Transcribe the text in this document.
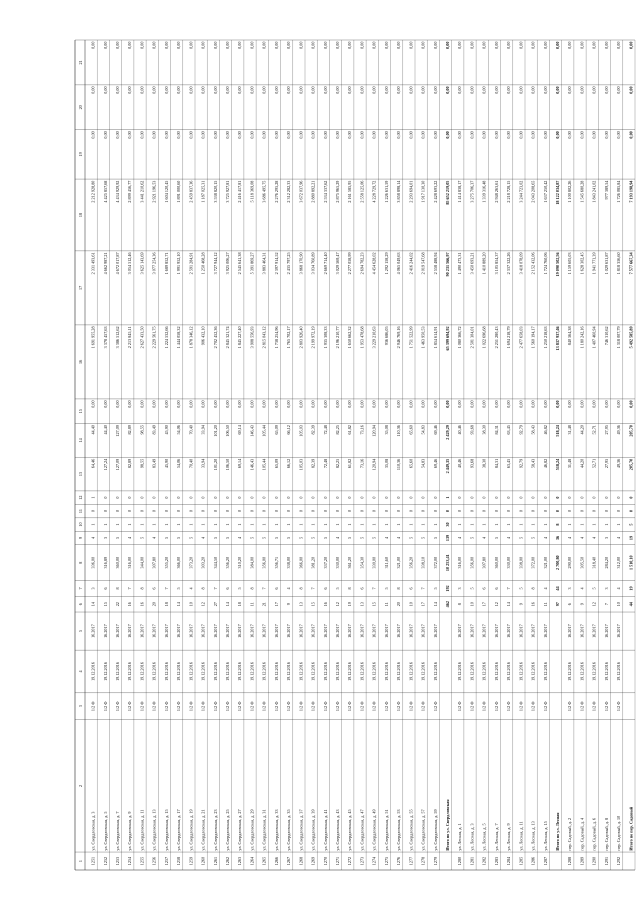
1
2
3
4
5
6
7
8
9
10
11
12
13
14
15
16
17
18
19
20
21
1251
ул. Свердловская, д. 3
1/2 Ф
19.12.2016
16.2017
14
3
336,00
4
1
0
1
64,46
44,40
0,00
1 691 955,28
2 331 493,61
2 212 928,80
0,00
0,00
0,00
1252
ул. Свердловская, д. 5
1/2 Ф
19.12.2016
16.2017
15
6
316,89
3
1
0
0
127,24
44,40
0,00
3 378 457,63
4 662 987,21
4 425 857,68
0,00
0,00
0,00
1253
ул. Свердловская, д. 7
1/2 Ф
19.12.2016
16.2017
22
8
360,00
5
1
0
0
127,09
127,09
0,00
3 386 512,62
4 672 017,87
4 434 929,92
0,00
0,00
0,00
1254
ул. Свердловская, д. 9
1/2 Ф
19.12.2016
16.2017
16
7
316,00
4
1
0
0
82,89
82,89
0,00
2 213 845,11
3 054 512,46
2 899 456,77
0,00
0,00
0,00
1255
ул. Свердловская, д. 11
1/2 Ф
19.12.2016
16.2017
16
8
344,00
5
1
0
0
98,55
98,55
0,00
2 627 433,50
3 625 143,69
3 441 210,62
0,00
0,00
0,00
1256
ул. Свердловская, д. 13
1/2 Ф
19.12.2016
16.2017
20
6
307,80
4
1
0
0
83,49
83,49
0,00
2 229 561,75
3 077 254,36
2 921 196,53
0,00
0,00
0,00
1257
ул. Свердловская, д. 15
1/2 Ф
19.12.2016
16.2017
18
7
355,20
5
1
0
0
45,90
45,90
0,00
1 224 532,66
1 689 852,71
1 604 120,45
0,00
0,00
0,00
1258
ул. Свердловская, д. 17
1/2 Ф
19.12.2016
16.2017
14
5
366,00
5
1
0
0
54,06
54,06
0,00
1 444 058,32
1 991 952,10
1 891 000,60
0,00
0,00
0,00
1259
ул. Свердловская, д. 19
1/2 Ф
19.12.2016
16.2017
10
4
373,20
5
1
0
0
70,40
70,40
0,00
1 878 346,12
2 591 284,91
2 459 837,36
0,00
0,00
0,00
1260
ул. Свердловская, д. 21
1/2 Ф
19.12.2016
16.2017
12
8
303,20
4
1
0
0
33,94
33,94
0,00
906 432,10
1 250 468,28
1 187 025,31
0,00
0,00
0,00
1261
ул. Свердловская, д. 23
1/2 Ф
19.12.2016
16.2017
27
7
344,50
5
1
0
0
101,20
101,20
0,00
2 702 452,36
3 727 944,12
3 538 820,15
0,00
0,00
0,00
1262
ул. Свердловская, д. 25
1/2 Ф
19.12.2016
16.2017
14
6
356,20
5
1
0
0
106,50
106,50
0,00
2 845 321,74
3 925 006,27
3 725 927,81
0,00
0,00
0,00
1263
ул. Свердловская, д. 27
1/2 Ф
19.12.2016
16.2017
18
5
310,20
4
1
0
0
69,14
69,14
0,00
1 845 227,40
2 545 641,38
2 416 417,81
0,00
0,00
0,00
1264
ул. Свердловская, д. 29
1/2 Ф
19.12.2016
16.2017
11
8
384,00
5
1
0
0
146,43
146,43
0,00
3 908 556,93
5 391 869,27
5 118 369,08
0,00
0,00
0,00
1265
ул. Свердловская, д. 31
1/2 Ф
19.12.2016
16.2017
21
7
356,00
5
1
0
0
105,44
105,44
0,00
2 815 043,12
3 883 464,31
3 686 495,75
0,00
0,00
0,00
1266
ул. Свердловская, д. 33
1/2 Ф
19.12.2016
16.2017
17
6
356,71
5
1
0
0
65,09
65,09
0,00
1 738 254,96
2 397 914,52
2 276 295,28
0,00
0,00
0,00
1267
ул. Свердловская, д. 35
1/2 Ф
19.12.2016
16.2017
9
4
338,00
5
1
0
0
66,12
66,12
0,00
1 765 702,17
2 435 797,25
2 312 282,33
0,00
0,00
0,00
1268
ул. Свердловская, д. 37
1/2 Ф
19.12.2016
16.2017
13
8
366,00
5
1
0
0
105,03
105,03
0,00
2 803 926,40
3 868 170,90
3 672 037,96
0,00
0,00
0,00
1269
ул. Свердловская, д. 39
1/2 Ф
19.12.2016
16.2017
15
7
381,20
5
1
0
0
82,39
82,39
0,00
2 199 972,19
3 034 760,89
2 880 892,21
0,00
0,00
0,00
1270
ул. Свердловская, д. 41
1/2 Ф
19.12.2016
16.2017
16
6
337,20
5
1
0
0
72,48
72,48
0,00
1 935 308,33
2 669 714,40
2 534 337,62
0,00
0,00
0,00
1271
ул. Свердловская, д. 43
1/2 Ф
19.12.2016
16.2017
12
5
330,00
4
1
0
0
82,25
82,25
0,00
2 196 210,77
3 029 569,47
2 875 965,29
0,00
0,00
0,00
1272
ул. Свердловская, д. 45
1/2 Ф
19.12.2016
16.2017
19
8
361,20
5
1
0
0
61,82
61,82
0,00
1 650 662,32
2 277 058,99
2 161 585,95
0,00
0,00
0,00
1273
ул. Свердловская, д. 47
1/2 Ф
19.12.2016
16.2017
13
6
354,30
5
1
0
0
73,16
73,16
0,00
1 953 478,68
2 694 782,23
2 558 125,06
0,00
0,00
0,00
1274
ул. Свердловская, д. 49
1/2 Ф
19.12.2016
16.2017
15
7
330,00
5
1
0
0
120,94
120,94
0,00
3 229 210,63
4 454 628,02
4 228 729,72
0,00
0,00
0,00
1275
ул. Свердловская, д. 51
1/2 Ф
19.12.2016
16.2017
11
5
311,60
4
1
0
0
35,08
35,08
0,00
936 686,05
1 292 158,29
1 226 631,59
0,00
0,00
0,00
1276
ул. Свердловская, д. 53
1/2 Ф
19.12.2016
16.2017
20
8
321,00
4
1
0
0
110,36
110,36
0,00
2 946 769,16
4 065 049,63
3 858 898,14
0,00
0,00
0,00
1277
ул. Свердловская, д. 55
1/2 Ф
19.12.2016
16.2017
10
6
356,20
5
1
0
0
65,60
65,60
0,00
1 751 522,99
2 416 244,02
2 293 694,01
0,00
0,00
0,00
1278
ул. Свердловская, д. 57
1/2 Ф
19.12.2016
16.2017
17
7
338,10
5
1
0
0
54,83
54,83
0,00
1 463 950,53
2 019 547,68
1 917 130,30
0,00
0,00
0,00
1279
ул. Свердловская, д. 59
1/2 Ф
19.12.2016
16.2017
14
5
372,00
5
1
0
0
69,46
69,46
0,00
1 854 614,91
2 558 488,94
2 428 693,22
0,00
0,00
0,00
Итого по ул. Свердловская
462
192
10 253,41
139
30
0
1
2 449,35
2 429,29
0,00
65 399 694,92
90 231 566,97
85 652 219,05
0,00
0,00
0,00
1280
ул. Лесная, д. 1
1/2 Ф
19.12.2016
16.2017
8
3
316,00
4
1
0
0
40,46
40,46
0,00
1 080 366,72
1 490 473,31
1 414 838,17
0,00
0,00
0,00
1281
ул. Лесная, д. 3
1/2 Ф
19.12.2016
16.2017
10
5
356,00
5
1
0
0
93,68
93,68
0,00
2 501 304,01
3 450 693,21
3 275 706,37
0,00
0,00
0,00
1282
ул. Лесная, д. 5
1/2 Ф
19.12.2016
16.2017
17
6
307,80
4
1
0
0
38,30
38,30
0,00
1 022 696,68
1 410 889,20
1 339 316,48
0,00
0,00
0,00
1283
ул. Лесная, д. 7
1/2 Ф
19.12.2016
16.2017
12
6
360,00
5
1
0
0
84,31
84,31
0,00
2 251 280,43
3 105 854,37
2 948 263,61
0,00
0,00
0,00
1284
ул. Лесная, д. 9
1/2 Ф
19.12.2016
16.2017
14
7
330,00
4
1
0
0
63,45
63,45
0,00
1 694 218,79
2 337 322,26
2 218 728,15
0,00
0,00
0,00
1285
ул. Лесная, д. 11
1/2 Ф
19.12.2016
16.2017
9
5
338,00
5
1
0
0
92,79
92,79
0,00
2 477 658,03
3 418 078,09
3 244 723,02
0,00
0,00
0,00
1286
ул. Лесная, д. 13
1/2 Ф
19.12.2016
16.2017
16
8
372,00
5
1
0
0
58,43
58,43
0,00
1 560 194,17
2 152 432,06
2 043 208,65
0,00
0,00
0,00
1287
ул. Лесная, д. 15
1/2 Ф
19.12.2016
16.2017
11
4
321,00
4
1
0
0
46,82
46,82
0,00
1 250 218,63
1 724 760,06
1 637 250,42
0,00
0,00
0,00
Итого по ул. Лесная
97
44
2 700,80
36
8
0
0
518,24
518,24
0,00
13 837 937,46
19 090 502,56
18 122 034,87
0,00
0,00
0,00
1288
пер. Садовый, д. 2
1/2 Ф
19.12.2016
16.2017
6
3
290,00
4
1
0
0
31,48
31,48
0,00
840 564,38
1 159 605,03
1 100 802,26
0,00
0,00
0,00
1289
пер. Садовый, д. 4
1/2 Ф
19.12.2016
16.2017
9
4
305,50
4
1
0
0
44,20
44,20
0,00
1 180 242,16
1 628 302,45
1 545 680,28
0,00
0,00
0,00
1290
пер. Садовый, д. 6
1/2 Ф
19.12.2016
16.2017
12
5
318,40
4
1
0
0
52,71
52,71
0,00
1 407 460,94
1 941 771,39
1 843 241,02
0,00
0,00
0,00
1291
пер. Садовый, д. 8
1/2 Ф
19.12.2016
16.2017
7
3
284,20
3
1
0
0
27,95
27,95
0,00
746 310,62
1 029 631,87
977 389,54
0,00
0,00
0,00
1292
пер. Садовый, д. 10
1/2 Ф
19.12.2016
16.2017
10
4
312,00
4
1
0
0
49,36
49,36
0,00
1 318 007,79
1 818 356,60
1 726 085,84
0,00
0,00
0,00
Итого по пер. Садовый
44
19
1 510,10
19
5
0
0
205,70
205,70
0,00
5 492 585,89
7 577 667,34
7 193 198,94
0,00
0,00
0,00
